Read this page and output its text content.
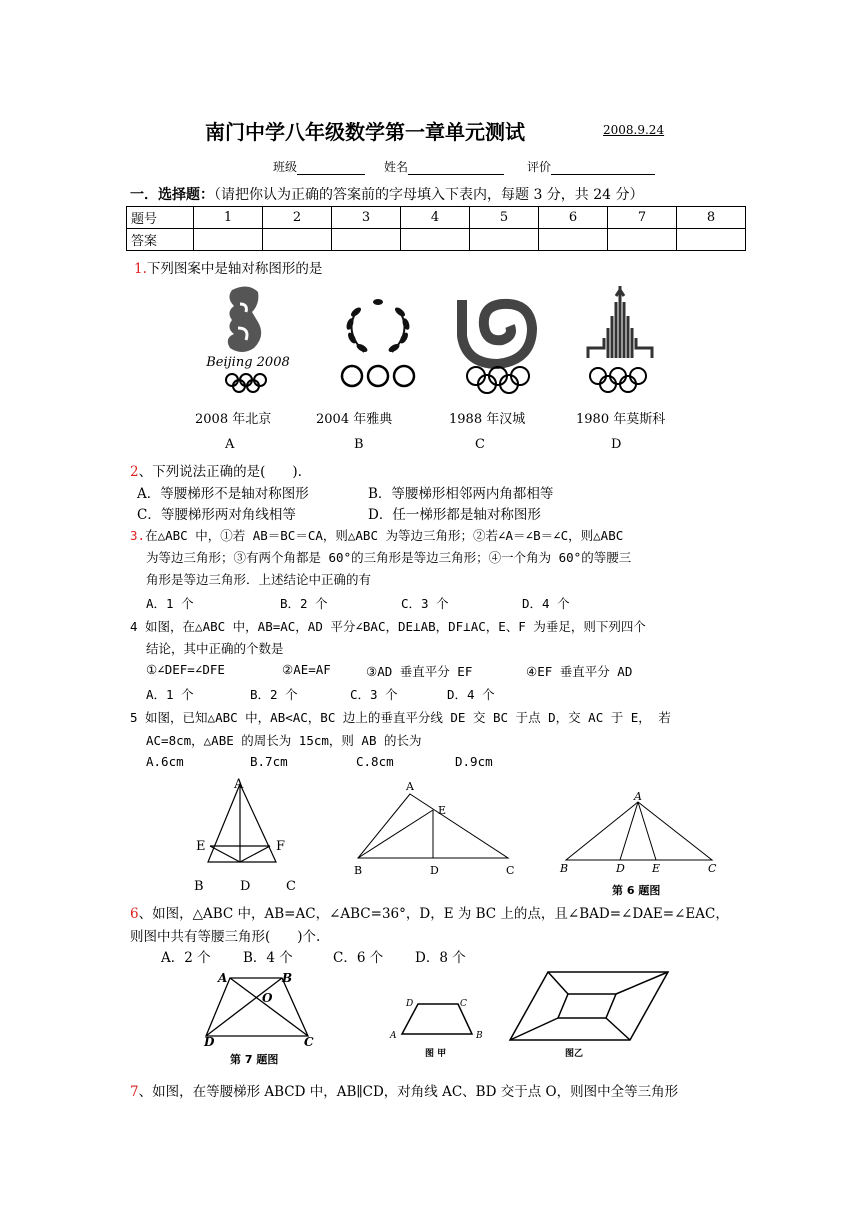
南门中学八年级数学第一章单元测试	2008.9.24
班级	姓名	评价
一．选择题：（请把你认为正确的答案前的字母填入下表内，每题 3 分，共 24 分）
题号	1	2	3	4	5	6	7	8
答案								
1.下列图案中是轴对称图形的是
Beijing 2008
2008 年北京	2004 年雅典	1988 年汉城	1980 年莫斯科
A	B	C	D
2、下列说法正确的是(　　).
A．等腰梯形不是轴对称图形	B．等腰梯形相邻两内角都相等
C．等腰梯形两对角线相等	D．任一梯形都是轴对称图形
3.在△ABC 中，①若 AB＝BC＝CA，则△ABC 为等边三角形；②若∠A＝∠B＝∠C，则△ABC
为等边三角形；③有两个角都是 60°的三角形是等边三角形；④一个角为 60°的等腰三
角形是等边三角形．上述结论中正确的有
A．1 个	B．2 个	C．3 个	D．4 个
4 如图，在△ABC 中，AB=AC，AD 平分∠BAC，DE⊥AB，DF⊥AC，E、F 为垂足，则下列四个
结论，其中正确的个数是
①∠DEF=∠DFE	②AE=AF	③AD 垂直平分 EF	④EF 垂直平分 AD
A．1 个	B．2 个	C．3 个	D．4 个
5 如图，已知△ABC 中，AB<AC，BC 边上的垂直平分线 DE 交 BC 于点 D，交 AC 于 E， 若
AC=8cm，△ABE 的周长为 15cm，则 AB 的长为
A.6cm	B.7cm	C.8cm	D.9cm
A
E	F
B	D	C
A
E
B	D	C
A
B	D E	C
第 6 题图
6、如图，△ABC 中，AB=AC，∠ABC=36°，D，E 为 BC 上的点，且∠BAD=∠DAE=∠EAC，
则图中共有等腰三角形(　　)个.
A．2 个 B．4 个	C．6 个 D．8 个
A	B
O
D	C
第 7 题图
D	C
A	B
图 甲	图乙
7、如图，在等腰梯形 ABCD 中，AB∥CD，对角线 AC、BD 交于点 O，则图中全等三角形
